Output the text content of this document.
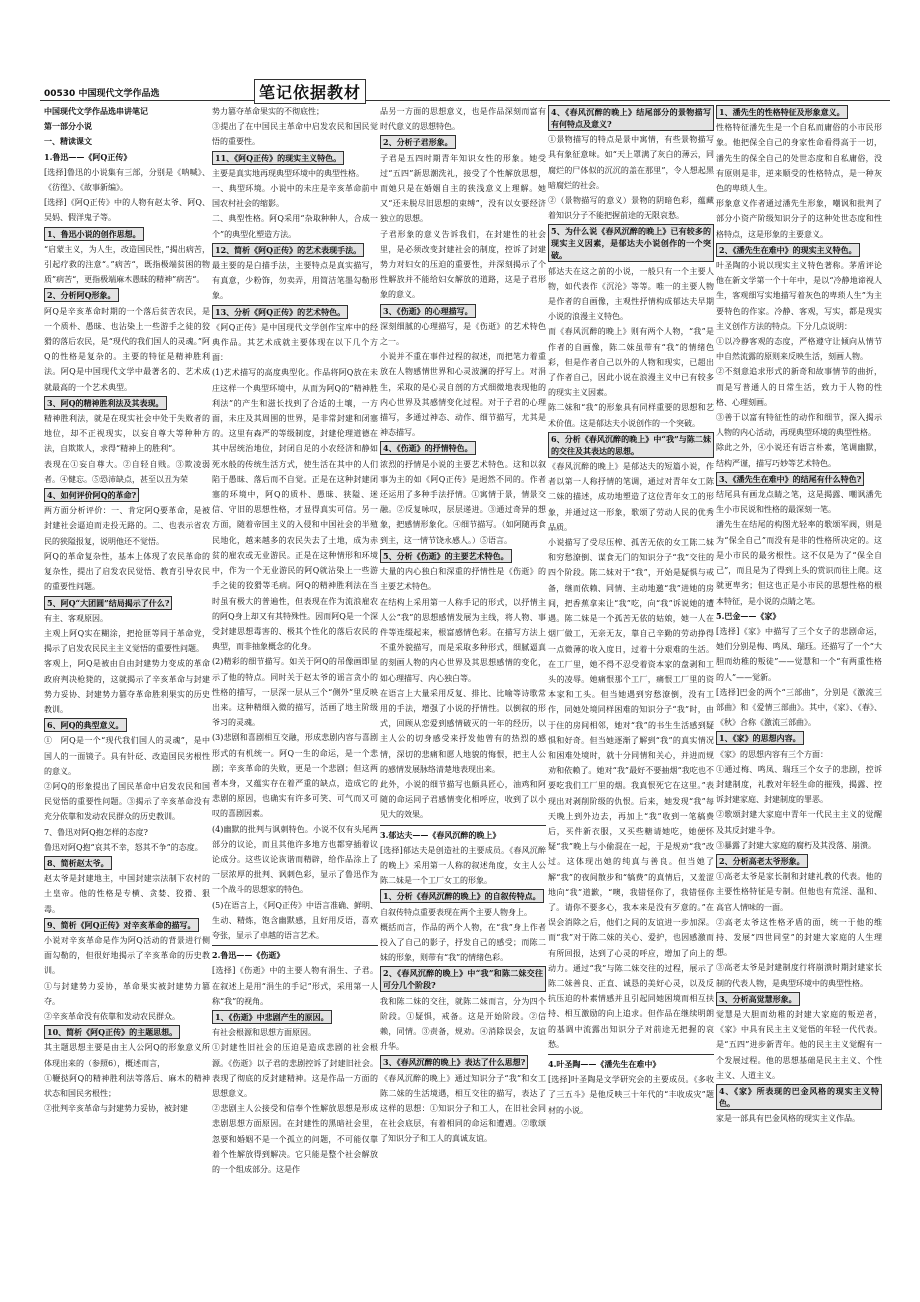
00530 中国现代文学作品选	笔记依据教材

中国现代文学作品选串讲笔记

第一部分小说

一、精读课文

1.鲁迅——《阿Q正传》

[选择]鲁迅的小说集有三部，分别是《呐喊》、《彷徨》、《故事新编》。

[选择]《阿Q正传》中的人物有赵太爷、阿Q、吴妈、假洋鬼子等。

1、鲁迅小说的创作思想。

“启蒙主义，为人生，改造国民性，”揭出病苦，引起疗救的注意“。”病苦“，既指极端贫困的物质”病苦“，更指极端麻木愚昧的精神”病苦“。

2、分析阿Q形象。

阿Q是辛亥革命时期的一个落后贫苦农民，是一个质朴、愚昧、也沾染上一些游手之徒的狡猾的落后农民，是“现代的我们国人的灵魂。”阿Q的性格是复杂的。主要的特征是精神胜利法。阿Q是中国现代文学中最著名的、艺术成就最高的一个艺术典型。

3、阿Q的精神胜利法及其表现。

精神胜利法，就是在现实社会中处于失败者的地位，却不正视现实，以妄自尊大等种种方法，自欺欺人，求得“精神上的胜利”。

表现在①妄自尊大。②自轻自贱。③欺凌弱者。④健忘。⑤恐沛缺点，甚至以丑为荣

4、如何评价阿Q的革命?

两方面分析评价：一、肯定阿Q要革命，是被封建社会逼迫而走投无路的。二、也表示省农民的狭隘报复，说明他还不觉悟。

阿Q的革命复杂性，基本上体现了农民革命的复杂性，提出了启发农民觉悟、教育引导农民的重要性问题。

5、阿Q“大团圆”结局揭示了什么?

有主、客观原因。

主观上阿Q实在糊涂，把抢匪等同于革命党，揭示了启发农民民主主义觉悟的重要性问题。

客观上，阿Q是被由自由封建势力变成的革命政府判决枪毙的，这就揭示了辛亥革命与封建势力妥协、封建势力篡夺革命胜利果实的历史教训。

6、阿Q的典型意义。

①　阿Q是一个“现代我们国人的灵魂”，是中国人的一面镜子。具有针砭、改造国民劣根性的意义。

②阿Q的形象提出了国民革命中启发农民和国民觉悟的重要性问题。③揭示了辛亥革命没有充分依靠和发动农民群众的历史教训。

7、鲁迅对阿Q抱怎样的态度?

鲁迅对阿Q抱“哀其不幸，怒其不争”的态度。

8、简析赵太爷。

赵太爷是封建地主，中国封建宗法制下农村的土皇帝。他的性格是专横、贪婪、狡猾、狠毒。

9、简析《阿Q正传》对辛亥革命的描写。

小说对辛亥革命是作为阿Q活动的背景进行侧面勾勒的，但很好地揭示了辛亥革命的历史教训。

①与封建势力妥协，革命果实被封建势力篡夺。

②辛亥革命没有依靠和发动农民群众。

10、简析《阿Q正传》的主题思想。

其主题思想主要是由主人公阿Q的形象意义所体现出来的（参照6），概述而言，

①鞭挞阿Q的精神胜利法等落后、麻木的精神状态和国民劣根性；

②批判辛亥革命与封建势力妥协，被封建

势力篡夺革命果实的不彻底性；

③提出了在中国民主革命中启发农民和国民觉悟的重要性。

11、《阿Q正传》的现实主义特色。

主要是真实地再现典型环境中的典型性格。

一、典型环境。小说中的未庄是辛亥革命前中国农村社会的缩影。

二、典型性格。阿Q采用“杂取种种人，合成一个”的典型化塑造方法。

12、简析《阿Q正传》的艺术表现手法。

最主要的是白描手法，主要特点是真实描写，有真意，少粉饰，勿卖弄，用简洁笔墨勾勒形象。

13、分析《阿Q正传》的艺术特色。

《阿Q正传》是中国现代文学创作宝库中的经典作品。其艺术成就主要体现在以下几个方面：

(1)艺术描写的高度典型化。作品将阿Q放在未庄这样一个典型环境中，从而为阿Q的“精神胜利法”的产生和滋长找到了合适的土壤，一方面，未庄及其周围的世界，是非常封建和闭塞的。这里有森严的等级制度，封建伦理道德在其中居统治地位，封闭自足的小农经济和静如死水般的传统生活方式，使生活在其中的人们陷于愚昧、落后而不自觉。正是在这种封建闭塞的环境中，阿Q的质朴、愚昧、狭隘、迷信、守旧的思想性格，才显得真实可信。另一方面，随着帝国主义的入侵和中国社会的半殖民地化，越来越多的农民失去了土地，成为赤贫的雇农或无业游民。正是在这种情形和环境中，作为一个无业游民的阿Q就沾染上一些游手之徒的狡猾等毛病。阿Q的精神胜利法在当时虽有极大的普遍性，但表现在作为流浪雇农的阿Q身上却又有其特殊性。因而阿Q是一个深受封建思想毒害的、极其个性化的落后农民的典型，而非抽象概念的化身。

(2)精彩的细节描写。如关于阿Q的吊像画即显示了他的特点。同时关于赵太爷的谣言贪小的性格的描写，一层深一层从三个“侧外”里反映出来。这种精细入微的描写，活画了地主阶级爷习的灵魂。

(3)悲剧和喜剧相互交融，形成悲剧内容与喜剧形式的有机统一。阿Q一生的命运，是一个悲剧；辛亥革命的失败，更是一个悲剧；但这两者本身，又蕴实存在着严重的缺点，造成它的悲剧的原因，也确实有许多可笑、可气而又可叹的喜剧因素。

(4)幽默的批判与讽刺特色。小说不仅有头尾两部分的议论，而且其他许多地方也都穿插着议论成分。这些议论诙谐而精辟，给作品涂上了一层浓厚的批判、讽刺色彩，显示了鲁迅作为一个战斗的思想家的特色。

(5)在语言上，《阿Q正传》中语言准确、鲜明、生动、精炼，饱含幽默感，且好用反语，喜欢夸张，显示了卓越的语言艺术。

2.鲁迅——《伤逝》

[选择]《伤逝》中的主要人物有涓生、子君。在叙述上是用“涓生的手记”形式，采用第一人称“我”的视角。

1、《伤逝》中悲剧产生的原因。

有社会根源和思想方面原因。

①封建性旧社会的压迫是造成悲剧的社会根源。《伤逝》以子君的悲剧控诉了封建旧社会。表现了彻底的反封建精神。这是作品一方面的思想意义。

②悲剧主人公接受和信奉个性解放思想是形成悲剧思想方面原因。在封建性的黑暗社会里，忽要和婚姻不是一个孤立的问题，不可能仅靠着个性解放得到解决。它只能是整个社会解放的一个组成部分。这是作

品另一方面的思想意义，也是作品深刻而富有时代意义的思想特色。

2、分析子君形象。

子君是五四时期青年知识女性的形象。她受过“五四”新思潮洗礼，接受了个性解放思想，而她只是在婚姻自主的狭浅意义上理解。她又“还未脱尽旧思想的束缚”，没有以女要经济独立的思想。

子君形象的意义告诉我们，在封建性的社会里，是必须改变封建社会的制度，控诉了封建势力对妇女的压迫的重要性，并深刻揭示了个性解放并不能给妇女解放的道路，这是子君形象的意义。

3、《伤逝》的心理描写。

深刻细腻的心理描写，是《伤逝》的艺术特色之一。

小说并不重在事件过程的叙述，而把笔力着重放在人物感情世界和心灵波澜的抒写上。对涓生，采取的是心灵自剖的方式细微地表现他的内心世界及其感情变化过程。对于子君的心理描写，多通过神态、动作、细节描写，尤其是神态描写。

4、《伤逝》的抒情特色。

浓烈的抒情是小说的主要艺术特色。这和以叙事为主的如《阿Q正传》是迥然不同的。作者还运用了多种手法抒情。①寓情于景，情景交融。②反复咏叹，层层递进。③通过奇异的想象，把感情形象化。④细节描写。（如阿随再食到主，这一情节饶永感人。）⑤语言。

5、分析《伤逝》的主要艺术特色。

大量的内心独白和深重的抒情性是《伤逝》的主要艺术特色。

在结构上采用第一人称手记的形式，以抒情主人公“我”的思想感情发展为主线，将人物、事件等连缀起来，根富感情色彩。在描写方法上不重外貌描写，而是采取多种形式，细腻逼真的刻画人物的内心世界及其思想感情的变化，如心理描写、内心独白等。

在语言上大量采用反复、排比、比喻等诗歌常用的手法，增强了小说的抒情性。以倒叙的形式，回顾从恋爱到感情破灭的一年的经历，以主人公的切身感受来抒发他曾有的热烈的感情，深切的悲痛和愿人地貌的悔恨，把主人公的感情发展脉络清楚地表现出来。

此外，小说的细节描写也颇具匠心，油鸡和阿随的命运同子君感情变化相呼应，收到了以小见大的效果。

3.郁达夫——《春风沉醉的晚上》

[选择]郁达夫是创造社的主要成员。《春风沉醉的晚上》采用第一人称的叙述角度，女主人公陈二妹是一个工厂女工的形象。

1、分析《春风沉醉的晚上》的自叙传特点。

自叙传特点重要表现在两个主要人物身上。

概括而言，作品的两个人物，在“我”身上作者投入了自己的影子，抒发自己的感受；而陈二妹的形象，则带有“我”的情绪色彩。

2、《春风沉醉的晚上》中“我”和陈二妹交往可分几个阶段?

我和陈二妹的交往，就陈二妹而言，分为四个阶段。①疑惧，戒备。这是开始阶段。②信赖，同情。③责备，规劝。④消除误会，友谊升华。

3、《春风沉醉的晚上》表达了什么思想?

《春风沉醉的晚上》通过知识分子“我”和女工陈二妹的生活境遇，相互交往的描写，表达了这样的思想：①知识分子和工人，在旧社会同在社会底层，有着相同的命运和遭遇。②歌颂了知识分子和工人的真诚友谊。

4、《春风沉醉的晚上》结尾部分的景物描写有何特点及意义?

①景物描写的特点是景中寓情，有些景物描写具有象征意味。如“天上罩满了灰白的薄云，同腐烂的尸体似的沉沉的盖在那里”，令人想起黑暗腐烂的社会。

②（景物描写的意义）景物的阴暗色彩，蕴藏着知识分子不能把握前途的无限哀愁。

5、为什么说《春风沉醉的晚上》已有较多的现实主义因素，是郁达夫小说创作的一个突破。

郁达夫在这之前的小说，一般只有一个主要人物，如代表作《沉沦》等等。唯一的主要人物是作者的自画像，主观性抒情构成郁达夫早期小说的浪漫主义特色。

而《春风沉醉的晚上》则有两个人物，“我”是作者的自画像，陈二妹虽带有“我”的情绪色彩，但是作者自己以外的人物和现实，已超出了作者自己，因此小说在浪漫主义中已有较多的现实主义因素。

陈二妹和“我”的形象具有同样重要的思想和艺术价值。这是郁达夫小说创作的一个突破。

6、分析《春风沉醉的晚上》中“我”与陈二妹的交往及其表达的思想。

《春风沉醉的晚上》是郁达夫的短篇小说，作者以第一人称抒情的笔调，通过对青年女工陈二妹的描述，成功地塑造了这位青年女工的形象，并通过这一形象，歌颂了劳动人民的优秀品质。

小说描写了受尽压榨、孤苦无依的女工陈二妹和穷愁潦倒、谋食无门的知识分子“我”交往的四个阶段。陈二妹对于“我”，开始是疑惧与戒备，继而依赖、同情、主动地邀“我”进她的房间，把香蕉拿来让“我”吃，向“我”诉说她的遭遇。陈二妹是一个孤苦无依的姑娘，她一人在烟厂做工，无亲无友，靠自己辛勤的劳动挣得一点微薄的收入度日，过着十分艰难的生活。在工厂里，她不得不忍受着资本家的盘剥和工头的凌辱。她痛恨那个工厂，痛恨工厂里的资本家和工头。但当她遇到穷愁潦倒，没有工作，同她处境同样困难的知识分子“我”时，由于住的房间相邻，她对“我”的书生生活感到疑惧和好奇。但当她逐渐了解到“我”的真实情况和困难处境时，就十分同情和关心，并进而规劝和依赖了。她对“我”最好不要抽烟“我吃也不要吃我们工厂里的烟。我真恨死它在这里。”表现出对剥削阶级的仇恨。后来，她发现“我”每天晚上到外边去，再加上“我”收到一笔稿费后，买件新衣服，又买些糖请她吃，她便怀疑“我”晚上与小偷混在一起，于是规劝“我”改过。这体现出她的纯真与善良。但当她了解“我”的夜间散步和“犒费”的真情后，又羞涩地向“我”道歉，“噢，我错怪你了，我错怪你了。请你不要多心，我本来是没有歹意的。”在误会消除之后，他们之间的友谊进一步加深。而“我”对于陈二妹的关心、爱护，也因感激而有所回报，达到了心灵的呼应，增加了向上的动力。通过“我”与陈二妹交往的过程，展示了陈二妹善良、正直、诚恳的美好心灵，以及反抗压迫的朴素情感并且引起同她困境而相互扶持、相互激励的向上追求。但作品在继续明朗的基调中流露出知识分子对前途无把握的哀愁。

4.叶圣陶——《潘先生在难中》

[选择]叶圣陶是文学研究会的主要成员。《多收了三五斗》是他反映三十年代的“丰收成灾”题材的小说。

1、潘先生的性格特征及形象意义。

性格特征潘先生是一个自私而庸俗的小市民形象。他把保全自己的身家性命看得高于一切，潘先生的保全自己的处世态度和自私庸俗，没有原则是非，逆来顺受的性格特点，是一种灰色的卑琐人生。

形象意义作者通过潘先生形象，嘲讽和批判了部分小资产阶级知识分子的这种处世态度和性格特点，这是形象的主要意义。

2、《潘先生在难中》的现实主义特色。

叶圣陶的小说以现实主义特色著称。茅盾评论他在新文学第一个十年中，是以“冷静地谛视人生，客观细写实地描写着灰色的卑琐人生”为主要特色的作家。冷静、客观，写实，都是现实主义创作方法的特点。下分几点说明：

①以冷静客观的态度，严格遵守让倾向从情节中自然流露的原则来反映生活，刻画人物。

②不刻意追求形式的新奇和故事情节的曲折，而是写普通人的日常生活，致力于人物的性格、心理刻画。

③善于以富有特征性的动作和细节，深入揭示人物的内心活动，再现典型环境的典型性格。

除此之外，④小说还有语言朴素，笔调幽默，结构严谨，描写巧妙等艺术特色。

3、《潘先生在难中》的结尾有什么特色?

结尾具有画龙点睛之笔，这是揭露、嘲讽潘先生小市民说和性格的最深刻一笔。

潘先生在结尾的构图尤轻率的歌颂军阀，则是为“保全自己”而没有是非的性格所决定的。这是小市民的最劣根性。这不仅是为了“保全自己”，而且是为了得到上头的赏识而往上爬。这就更卑劣；但这也正是小市民的思想性格的根本特征，是小说的点睛之笔。

5.巴金——《家》

[选择]《家》中描写了三个女子的悲剧命运，她们分别是梅、鸣凤、瑞珏。还描写了一个“大胆而幼稚的叛徒”——觉慧和一个“有两重性格的人”——觉新。

[选择]巴金的两个“三部曲”，分别是《激流三部曲》和《爱情三部曲》。其中，《家》、《春》、《秋》合称《激流三部曲》。

1、《家》的思想内容。

《家》的思想内容有三个方面：

①通过梅、鸣凤、瑞珏三个女子的悲剧，控诉封建制度，礼教对年轻生命的摧残，揭露、控诉封建家庭、封建制度的罪恶。

②歌颂封建大家庭中青年一代民主主义的觉醒及其反封建斗争。

③暴露了封建大家庭的腐朽及其没落、崩溃。

2、分析高老太爷形象。

①高老太爷是家长制和封建礼教的代表。他的主要性格特征是专制。但他也有荒淫、温和、高官人情味的一面。

②高老太爷这性格矛盾的面，统一于他的维持、发展“四世同堂”的封建大家庭的人生理想。

③高老太爷是封建制度行将崩溃时期封建家长制的代表人物，是典型环境中的典型性格。

3、分析高觉慧形象。

觉慧是大胆而幼稚的封建大家庭的叛逆者，《家》中具有民主主义觉悟的年轻一代代表。是“五四”进步新青年。他的民主主义觉醒有一个发展过程。他的思想基础是民主主义、个性主义、人道主义。

4、《家》所表现的巴金风格的现实主义特色。

家是一部具有巴金风格的现实主义作品。
